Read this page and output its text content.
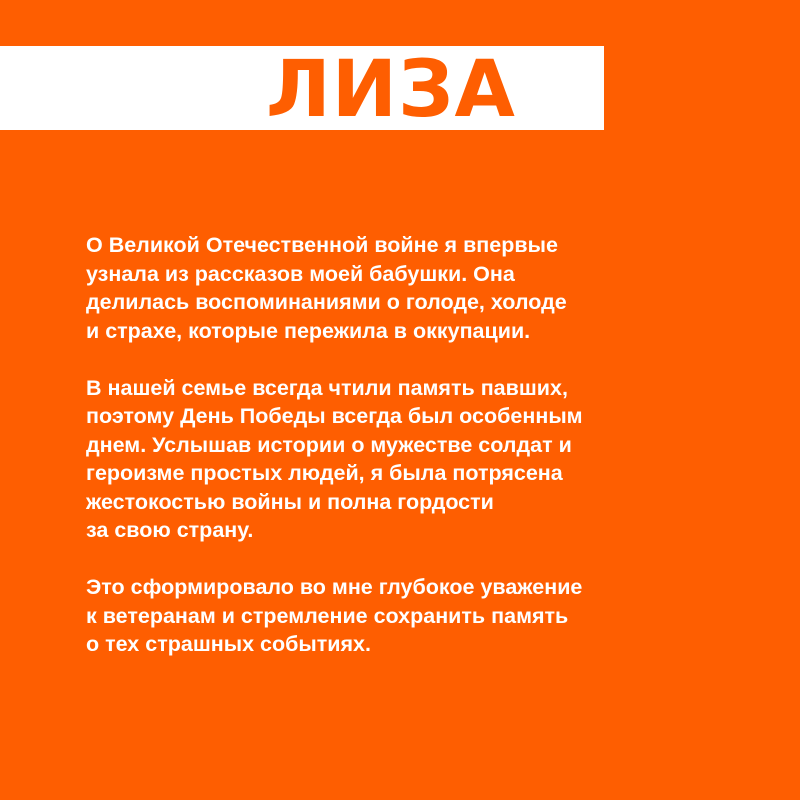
ЛИЗА

О Великой Отечественной войне я впервые
узнала из рассказов моей бабушки. Она
делилась воспоминаниями о голоде, холоде
и страхе, которые пережила в оккупации.

В нашей семье всегда чтили память павших,
поэтому День Победы всегда был особенным
днем. Услышав истории о мужестве солдат и
героизме простых людей, я была потрясена
жестокостью войны и полна гордости
за свою страну.

Это сформировало во мне глубокое уважение
к ветеранам и стремление сохранить память
о тех страшных событиях.
